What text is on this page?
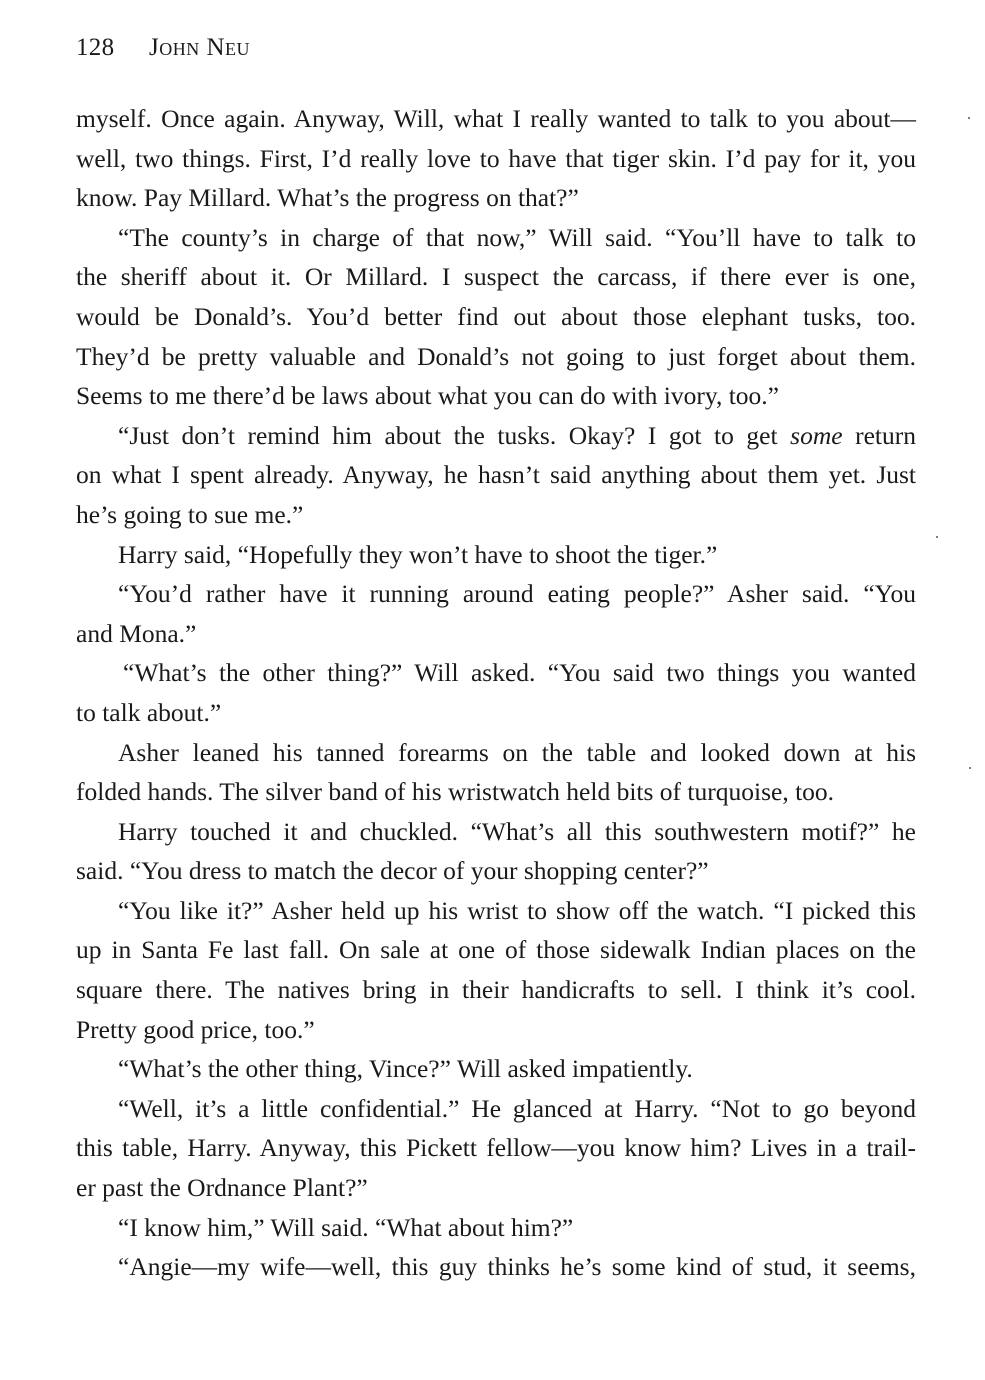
128 John Neu
myself. Once again. Anyway, Will, what I really wanted to talk to you about—
well, two things. First, I’d really love to have that tiger skin. I’d pay for it, you
know. Pay Millard. What’s the progress on that?”
“The county’s in charge of that now,” Will said. “You’ll have to talk to
the sheriff about it. Or Millard. I suspect the carcass, if there ever is one,
would be Donald’s. You’d better find out about those elephant tusks, too.
They’d be pretty valuable and Donald’s not going to just forget about them.
Seems to me there’d be laws about what you can do with ivory, too.”
“Just don’t remind him about the tusks. Okay? I got to get some return
on what I spent already. Anyway, he hasn’t said anything about them yet. Just
he’s going to sue me.”
Harry said, “Hopefully they won’t have to shoot the tiger.”
“You’d rather have it running around eating people?” Asher said. “You
and Mona.”
“What’s the other thing?” Will asked. “You said two things you wanted
to talk about.”
Asher leaned his tanned forearms on the table and looked down at his
folded hands. The silver band of his wristwatch held bits of turquoise, too.
Harry touched it and chuckled. “What’s all this southwestern motif?” he
said. “You dress to match the decor of your shopping center?”
“You like it?” Asher held up his wrist to show off the watch. “I picked this
up in Santa Fe last fall. On sale at one of those sidewalk Indian places on the
square there. The natives bring in their handicrafts to sell. I think it’s cool.
Pretty good price, too.”
“What’s the other thing, Vince?” Will asked impatiently.
“Well, it’s a little confidential.” He glanced at Harry. “Not to go beyond
this table, Harry. Anyway, this Pickett fellow—you know him? Lives in a trail-
er past the Ordnance Plant?”
“I know him,” Will said. “What about him?”
“Angie—my wife—well, this guy thinks he’s some kind of stud, it seems,
